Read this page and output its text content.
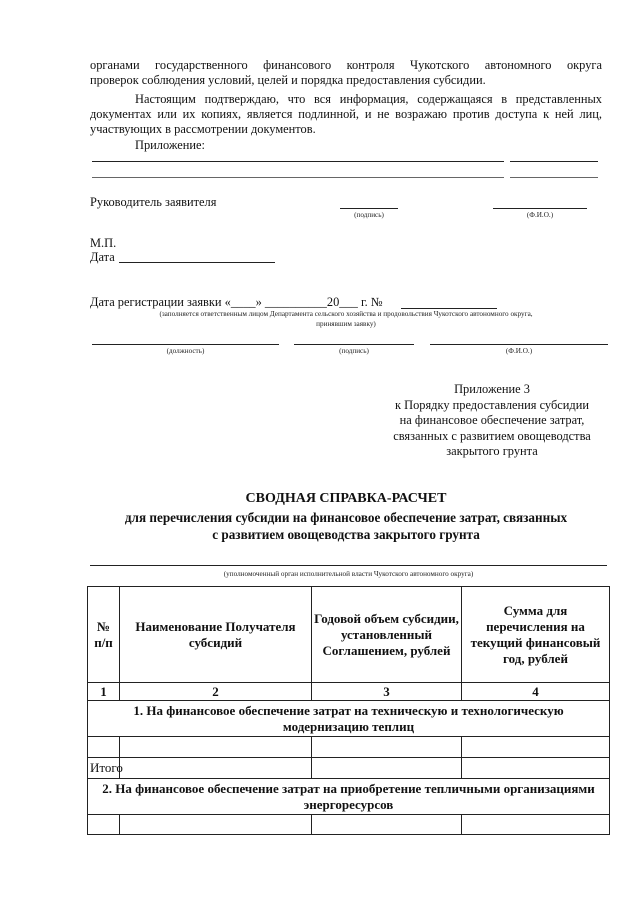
органами государственного финансового контроля Чукотского автономного округа
проверок соблюдения условий, целей и порядка предоставления субсидии.
Настоящим подтверждаю, что вся информация, содержащаяся в представленных
документах или их копиях, является подлинной, и не возражаю против доступа к ней лиц,
участвующих в рассмотрении документов.
Приложение:
Руководитель заявителя
(подпись)	(Ф.И.О.)
М.П.
Дата
Дата регистрации заявки «____» __________20___ г. №
(заполняется ответственным лицом Департамента сельского хозяйства и продовольствия Чукотского автономного округа,
принявшим заявку)
(должность)	(подпись)	(Ф.И.О.)
Приложение 3
к Порядку предоставления субсидии
на финансовое обеспечение затрат,
связанных с развитием овощеводства
закрытого грунта
СВОДНАЯ СПРАВКА-РАСЧЕТ
для перечисления субсидии на финансовое обеспечение затрат, связанных
с развитием овощеводства закрытого грунта
(уполномоченный орган исполнительной власти Чукотского автономного округа)
№ п/п	Наименование Получателя субсидий	Годовой объем субсидии, установленный Соглашением, рублей	Сумма для перечисления на текущий финансовый год, рублей
1	2	3	4
1. На финансовое обеспечение затрат на техническую и технологическую модернизацию теплиц			

Итого			
2. На финансовое обеспечение затрат на приобретение тепличными организациями энергоресурсов			
